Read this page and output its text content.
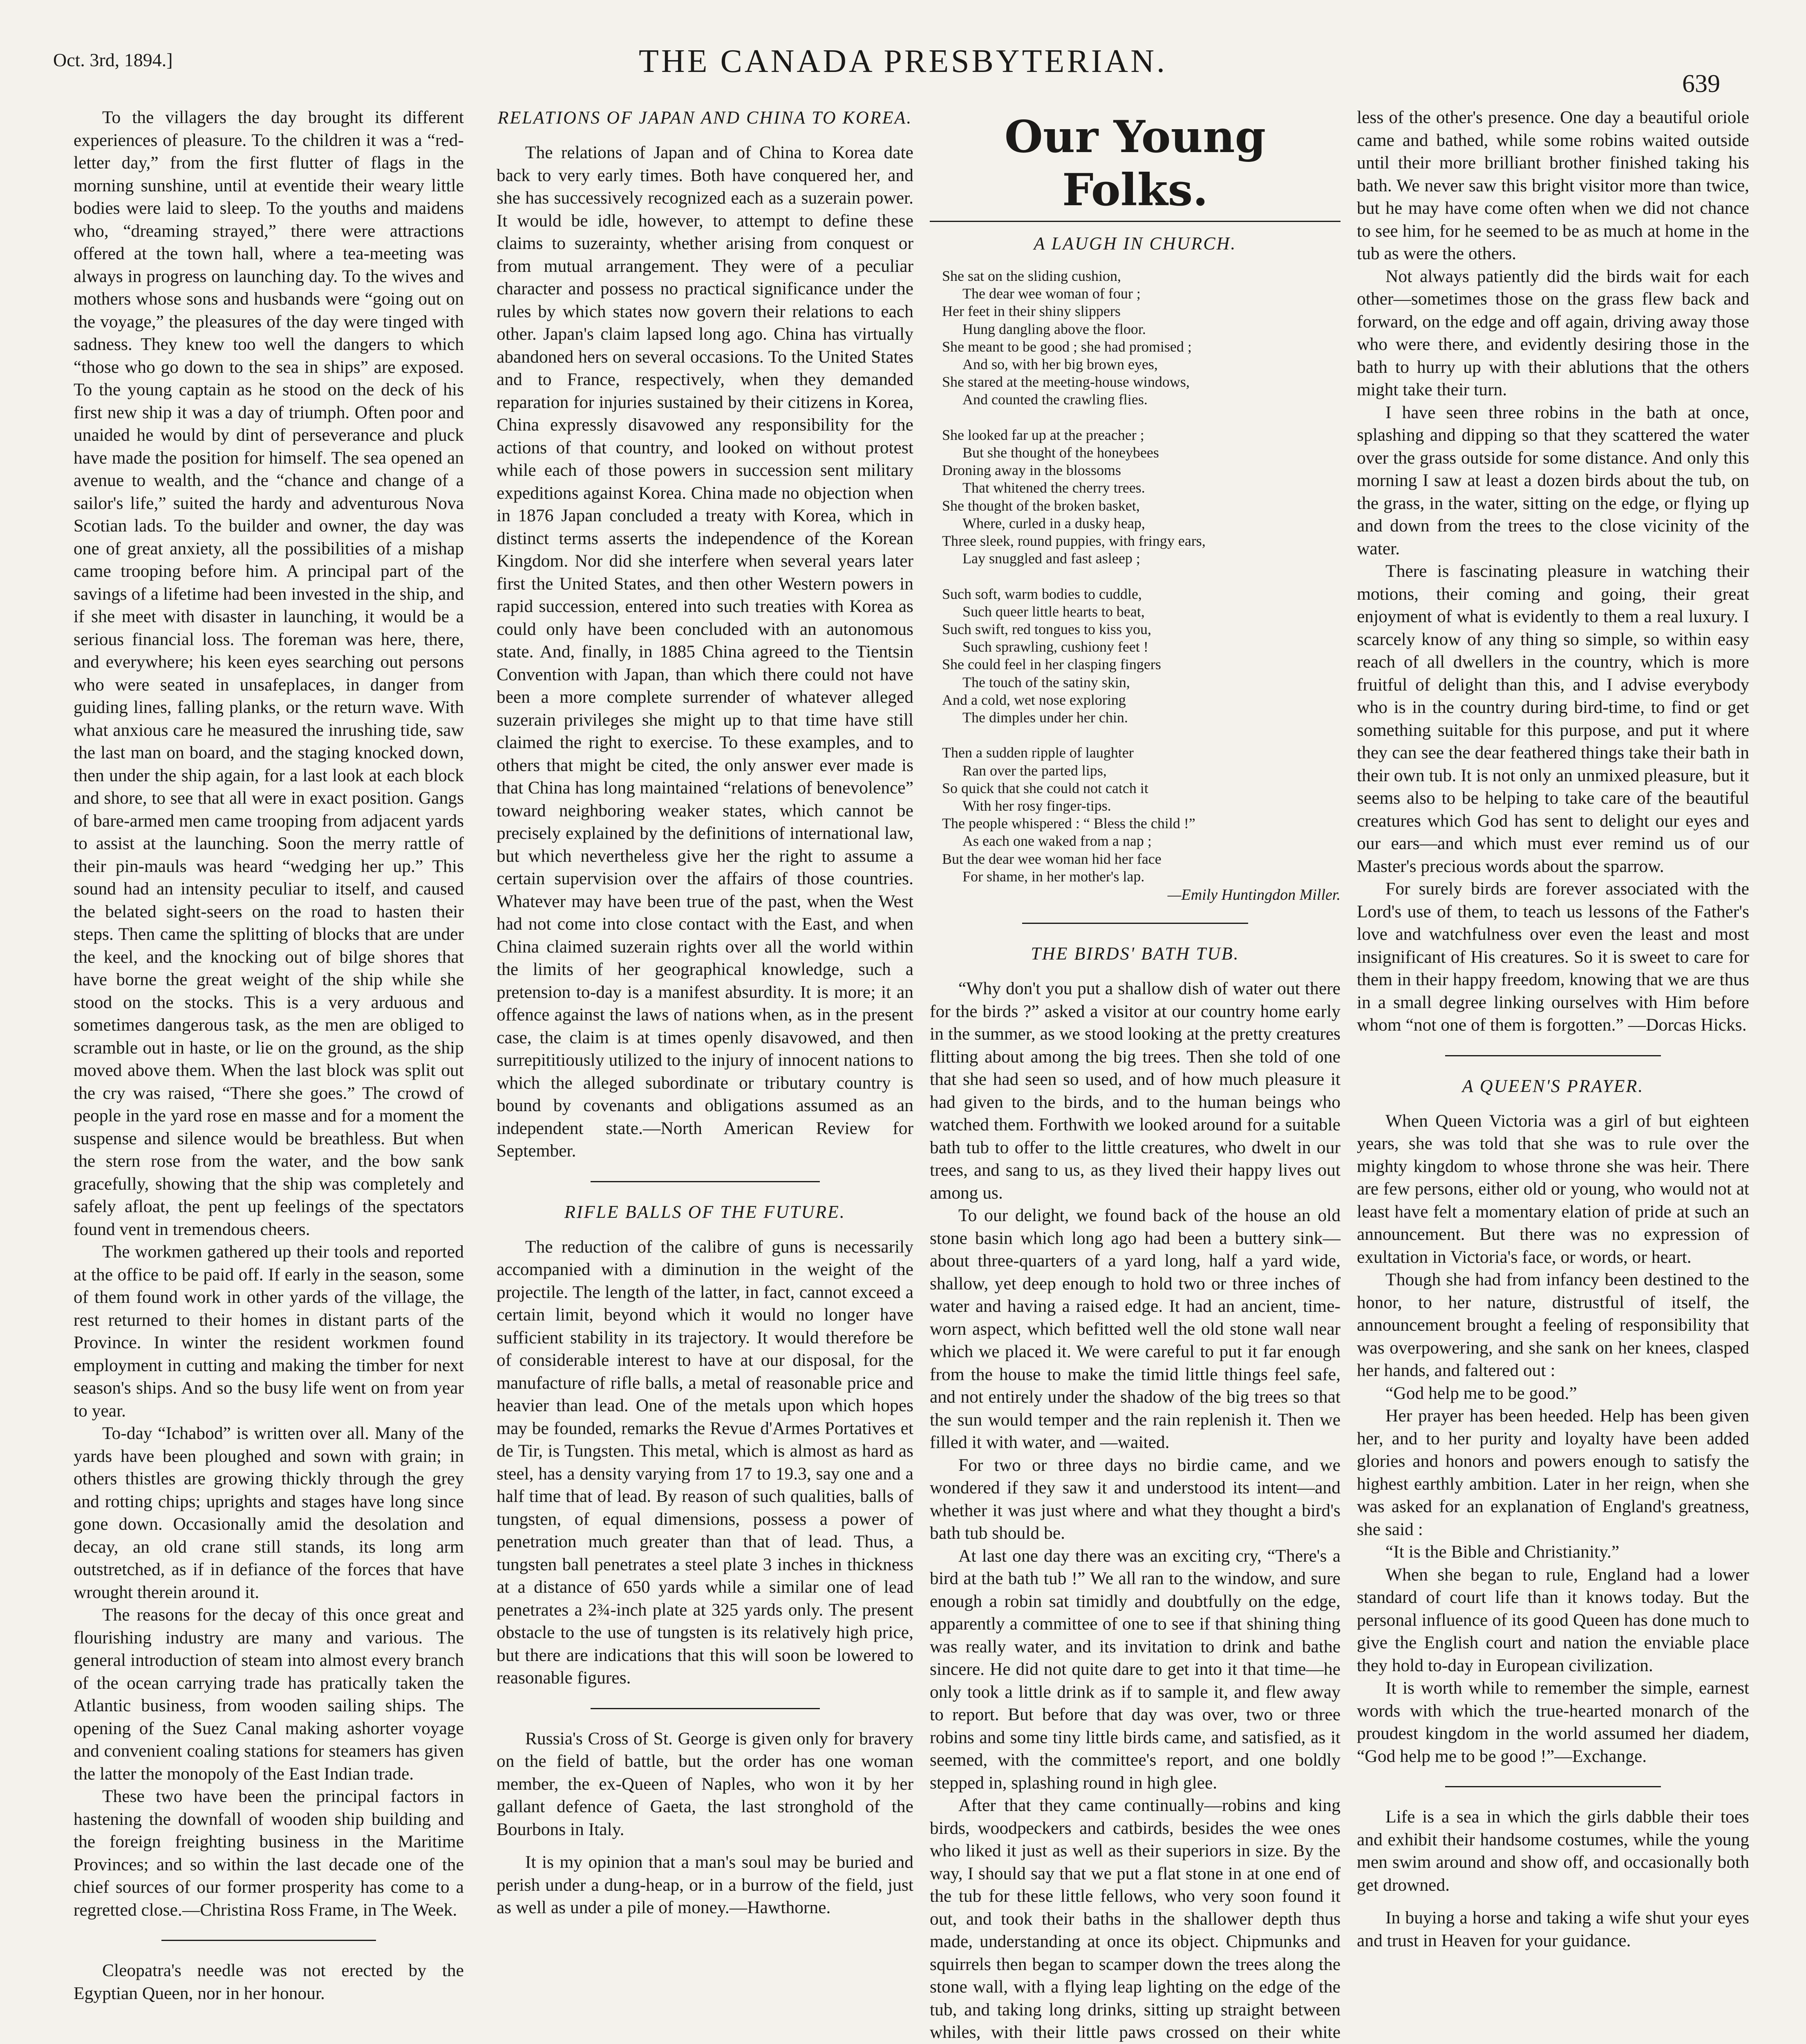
Oct. 3rd, 1894.]	THE CANADA PRESBYTERIAN.
639

To the villagers the day brought its different experiences of pleasure. To the children it was a “red-letter day,” from the first flutter of flags in the morning sunshine, until at eventide their weary little bodies were laid to sleep. To the youths and maidens who, “dreaming strayed,” there were attractions offered at the town hall, where a tea-meeting was always in progress on launching day. To the wives and mothers whose sons and husbands were “going out on the voyage,” the pleasures of the day were tinged with sadness. They knew too well the dangers to which “those who go down to the sea in ships” are exposed. To the young captain as he stood on the deck of his first new ship it was a day of triumph. Often poor and unaided he would by dint of perseverance and pluck have made the position for himself. The sea opened an avenue to wealth, and the “chance and change of a sailor's life,” suited the hardy and adventurous Nova Scotian lads. To the builder and owner, the day was one of great anxiety, all the possibilities of a mishap came trooping before him. A principal part of the savings of a lifetime had been invested in the ship, and if she meet with disaster in launching, it would be a serious financial loss. The foreman was here, there, and everywhere; his keen eyes searching out persons who were seated in unsafeplaces, in danger from guiding lines, falling planks, or the return wave. With what anxious care he measured the inrushing tide, saw the last man on board, and the staging knocked down, then under the ship again, for a last look at each block and shore, to see that all were in exact position. Gangs of bare-armed men came trooping from adjacent yards to assist at the launching. Soon the merry rattle of their pin-mauls was heard “wedging her up.” This sound had an intensity peculiar to itself, and caused the belated sight-seers on the road to hasten their steps. Then came the splitting of blocks that are under the keel, and the knocking out of bilge shores that have borne the great weight of the ship while she stood on the stocks. This is a very arduous and sometimes dangerous task, as the men are obliged to scramble out in haste, or lie on the ground, as the ship moved above them. When the last block was split out the cry was raised, “There she goes.” The crowd of people in the yard rose en masse and for a moment the suspense and silence would be breathless. But when the stern rose from the water, and the bow sank gracefully, showing that the ship was completely and safely afloat, the pent up feelings of the spectators found vent in tremendous cheers.

The workmen gathered up their tools and reported at the office to be paid off. If early in the season, some of them found work in other yards of the village, the rest returned to their homes in distant parts of the Province. In winter the resident workmen found employment in cutting and making the timber for next season's ships. And so the busy life went on from year to year.

To-day “Ichabod” is written over all. Many of the yards have been ploughed and sown with grain; in others thistles are growing thickly through the grey and rotting chips; uprights and stages have long since gone down. Occasionally amid the desolation and decay, an old crane still stands, its long arm outstretched, as if in defiance of the forces that have wrought therein around it.

The reasons for the decay of this once great and flourishing industry are many and various. The general introduction of steam into almost every branch of the ocean carrying trade has pratically taken the Atlantic business, from wooden sailing ships. The opening of the Suez Canal making ashorter voyage and convenient coaling stations for steamers has given the latter the monopoly of the East Indian trade.

These two have been the principal factors in hastening the downfall of wooden ship building and the foreign freighting business in the Maritime Provinces; and so within the last decade one of the chief sources of our former prosperity has come to a regretted close.—Christina Ross Frame, in The Week.

Cleopatra's needle was not erected by the Egyptian Queen, nor in her honour.

RELATIONS OF JAPAN AND CHINA TO KOREA.

The relations of Japan and of China to Korea date back to very early times. Both have conquered her, and she has successively recognized each as a suzerain power. It would be idle, however, to attempt to define these claims to suzerainty, whether arising from conquest or from mutual arrangement. They were of a peculiar character and possess no practical significance under the rules by which states now govern their relations to each other. Japan's claim lapsed long ago. China has virtually abandoned hers on several occasions. To the United States and to France, respectively, when they demanded reparation for injuries sustained by their citizens in Korea, China expressly disavowed any responsibility for the actions of that country, and looked on without protest while each of those powers in succession sent military expeditions against Korea. China made no objection when in 1876 Japan concluded a treaty with Korea, which in distinct terms asserts the independence of the Korean Kingdom. Nor did she interfere when several years later first the United States, and then other Western powers in rapid succession, entered into such treaties with Korea as could only have been concluded with an autonomous state. And, finally, in 1885 China agreed to the Tientsin Convention with Japan, than which there could not have been a more complete surrender of whatever alleged suzerain privileges she might up to that time have still claimed the right to exercise. To these examples, and to others that might be cited, the only answer ever made is that China has long maintained “relations of benevolence” toward neighboring weaker states, which cannot be precisely explained by the definitions of international law, but which nevertheless give her the right to assume a certain supervision over the affairs of those countries. Whatever may have been true of the past, when the West had not come into close contact with the East, and when China claimed suzerain rights over all the world within the limits of her geographical knowledge, such a pretension to-day is a manifest absurdity. It is more; it an offence against the laws of nations when, as in the present case, the claim is at times openly disavowed, and then surrepititiously utilized to the injury of innocent nations to which the alleged subordinate or tributary country is bound by covenants and obligations assumed as an independent state.—North American Review for September.

RIFLE BALLS OF THE FUTURE.

The reduction of the calibre of guns is necessarily accompanied with a diminution in the weight of the projectile. The length of the latter, in fact, cannot exceed a certain limit, beyond which it would no longer have sufficient stability in its trajectory. It would therefore be of considerable interest to have at our disposal, for the manufacture of rifle balls, a metal of reasonable price and heavier than lead. One of the metals upon which hopes may be founded, remarks the Revue d'Armes Portatives et de Tir, is Tungsten. This metal, which is almost as hard as steel, has a density varying from 17 to 19.3, say one and a half time that of lead. By reason of such qualities, balls of tungsten, of equal dimensions, possess a power of penetration much greater than that of lead. Thus, a tungsten ball penetrates a steel plate 3 inches in thickness at a distance of 650 yards while a similar one of lead penetrates a 2¾-inch plate at 325 yards only. The present obstacle to the use of tungsten is its relatively high price, but there are indications that this will soon be lowered to reasonable figures.

Russia's Cross of St. George is given only for bravery on the field of battle, but the order has one woman member, the ex-Queen of Naples, who won it by her gallant defence of Gaeta, the last stronghold of the Bourbons in Italy.

It is my opinion that a man's soul may be buried and perish under a dung-heap, or in a burrow of the field, just as well as under a pile of money.—Hawthorne.

Our Young Folks.
A LAUGH IN CHURCH.
She sat on the sliding cushion,
The dear wee woman of four ;
Her feet in their shiny slippers
Hung dangling above the floor.
She meant to be good ; she had promised ;
And so, with her big brown eyes,
She stared at the meeting-house windows,
And counted the crawling flies.
She looked far up at the preacher ;
But she thought of the honeybees
Droning away in the blossoms
That whitened the cherry trees.
She thought of the broken basket,
Where, curled in a dusky heap,
Three sleek, round puppies, with fringy ears,
Lay snuggled and fast asleep ;
Such soft, warm bodies to cuddle,
Such queer little hearts to beat,
Such swift, red tongues to kiss you,
Such sprawling, cushiony feet !
She could feel in her clasping fingers
The touch of the satiny skin,
And a cold, wet nose exploring
The dimples under her chin.
Then a sudden ripple of laughter
Ran over the parted lips,
So quick that she could not catch it
With her rosy finger-tips.
The people whispered : “ Bless the child !”
As each one waked from a nap ;
But the dear wee woman hid her face
For shame, in her mother's lap.
—Emily Huntingdon Miller.
THE BIRDS' BATH TUB.

“Why don't you put a shallow dish of water out there for the birds ?” asked a visitor at our country home early in the summer, as we stood looking at the pretty creatures flitting about among the big trees. Then she told of one that she had seen so used, and of how much pleasure it had given to the birds, and to the human beings who watched them. Forthwith we looked around for a suitable bath tub to offer to the little creatures, who dwelt in our trees, and sang to us, as they lived their happy lives out among us.

To our delight, we found back of the house an old stone basin which long ago had been a buttery sink—about three-quarters of a yard long, half a yard wide, shallow, yet deep enough to hold two or three inches of water and having a raised edge. It had an ancient, time-worn aspect, which befitted well the old stone wall near which we placed it. We were careful to put it far enough from the house to make the timid little things feel safe, and not entirely under the shadow of the big trees so that the sun would temper and the rain replenish it. Then we filled it with water, and —waited.

For two or three days no birdie came, and we wondered if they saw it and understood its intent—and whether it was just where and what they thought a bird's bath tub should be.

At last one day there was an exciting cry, “There's a bird at the bath tub !” We all ran to the window, and sure enough a robin sat timidly and doubtfully on the edge, apparently a committee of one to see if that shining thing was really water, and its invitation to drink and bathe sincere. He did not quite dare to get into it that time—he only took a little drink as if to sample it, and flew away to report. But before that day was over, two or three robins and some tiny little birds came, and satisfied, as it seemed, with the committee's report, and one boldly stepped in, splashing round in high glee.

After that they came continually—robins and king birds, woodpeckers and catbirds, besides the wee ones who liked it just as well as their superiors in size. By the way, I should say that we put a flat stone in at one end of the tub for these little fellows, who very soon found it out, and took their baths in the shallower depth thus made, understanding at once its object. Chipmunks and squirrels then began to scamper down the trees along the stone wall, with a flying leap lighting on the edge of the tub, and taking long drinks, sitting up straight between whiles, with their little paws crossed on their white

less of the other's presence. One day a beautiful oriole came and bathed, while some robins waited outside until their more brilliant brother finished taking his bath. We never saw this bright visitor more than twice, but he may have come often when we did not chance to see him, for he seemed to be as much at home in the tub as were the others.

Not always patiently did the birds wait for each other—sometimes those on the grass flew back and forward, on the edge and off again, driving away those who were there, and evidently desiring those in the bath to hurry up with their ablutions that the others might take their turn.

I have seen three robins in the bath at once, splashing and dipping so that they scattered the water over the grass outside for some distance. And only this morning I saw at least a dozen birds about the tub, on the grass, in the water, sitting on the edge, or flying up and down from the trees to the close vicinity of the water.

There is fascinating pleasure in watching their motions, their coming and going, their great enjoyment of what is evidently to them a real luxury. I scarcely know of any thing so simple, so within easy reach of all dwellers in the country, which is more fruitful of delight than this, and I advise everybody who is in the country during bird-time, to find or get something suitable for this purpose, and put it where they can see the dear feathered things take their bath in their own tub. It is not only an unmixed pleasure, but it seems also to be helping to take care of the beautiful creatures which God has sent to delight our eyes and our ears—and which must ever remind us of our Master's precious words about the sparrow.

For surely birds are forever associated with the Lord's use of them, to teach us lessons of the Father's love and watchfulness over even the least and most insignificant of His creatures. So it is sweet to care for them in their happy freedom, knowing that we are thus in a small degree linking ourselves with Him before whom “not one of them is forgotten.” —Dorcas Hicks.

A QUEEN'S PRAYER.

When Queen Victoria was a girl of but eighteen years, she was told that she was to rule over the mighty kingdom to whose throne she was heir. There are few persons, either old or young, who would not at least have felt a momentary elation of pride at such an announcement. But there was no expression of exultation in Victoria's face, or words, or heart.

Though she had from infancy been destined to the honor, to her nature, distrustful of itself, the announcement brought a feeling of responsibility that was overpowering, and she sank on her knees, clasped her hands, and faltered out :

“God help me to be good.”

Her prayer has been heeded. Help has been given her, and to her purity and loyalty have been added glories and honors and powers enough to satisfy the highest earthly ambition. Later in her reign, when she was asked for an explanation of England's greatness, she said :

“It is the Bible and Christianity.”

When she began to rule, England had a lower standard of court life than it knows today. But the personal influence of its good Queen has done much to give the English court and nation the enviable place they hold to-day in European civilization.

It is worth while to remember the simple, earnest words with which the true-hearted monarch of the proudest kingdom in the world assumed her diadem, “God help me to be good !”—Exchange.

Life is a sea in which the girls dabble their toes and exhibit their handsome costumes, while the young men swim around and show off, and occasionally both get drowned.

In buying a horse and taking a wife shut your eyes and trust in Heaven for your guidance.
